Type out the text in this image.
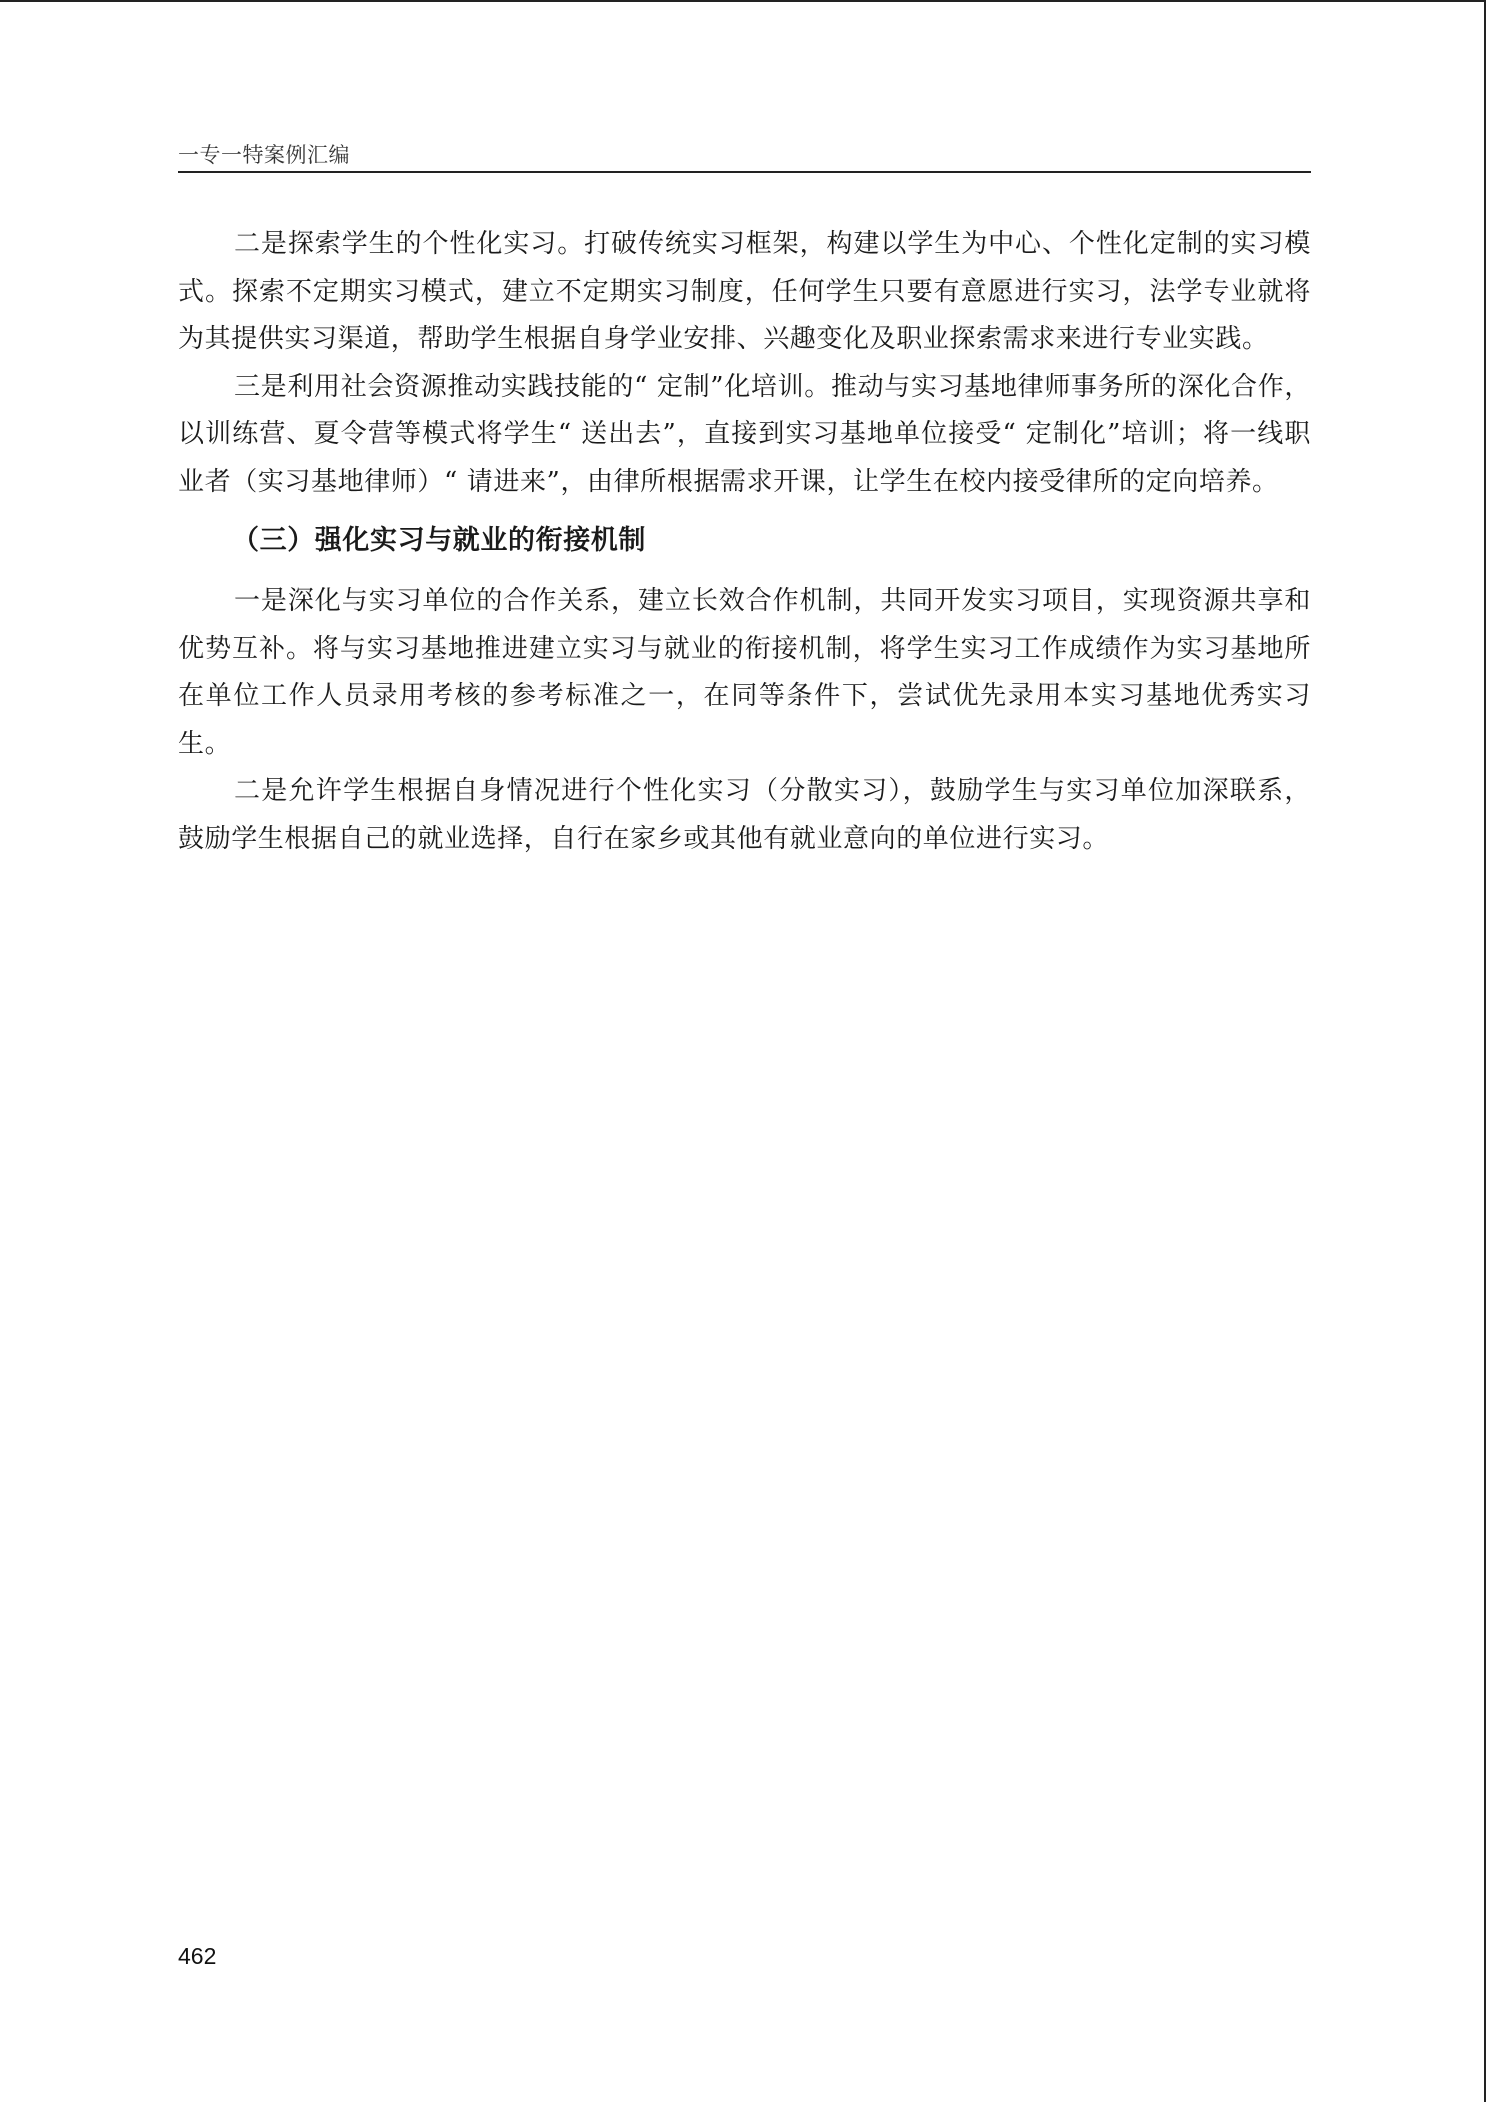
一专一特案例汇编

二是探索学生的个性化实习。打破传统实习框架，构建以学生为中心、个性化定制的实习模式。探索不定期实习模式，建立不定期实习制度，任何学生只要有意愿进行实习，法学专业就将为其提供实习渠道，帮助学生根据自身学业安排、兴趣变化及职业探索需求来进行专业实践。

三是利用社会资源推动实践技能的“ 定制”化培训。推动与实习基地律师事务所的深化合作，以训练营、夏令营等模式将学生“ 送出去”，直接到实习基地单位接受“ 定制化”培训；将一线职业者（实习基地律师）“ 请进来”，由律所根据需求开课，让学生在校内接受律所的定向培养。

（三）强化实习与就业的衔接机制

一是深化与实习单位的合作关系，建立长效合作机制，共同开发实习项目，实现资源共享和优势互补。将与实习基地推进建立实习与就业的衔接机制，将学生实习工作成绩作为实习基地所在单位工作人员录用考核的参考标准之一，在同等条件下，尝试优先录用本实习基地优秀实习生。

二是允许学生根据自身情况进行个性化实习（分散实习），鼓励学生与实习单位加深联系，鼓励学生根据自己的就业选择，自行在家乡或其他有就业意向的单位进行实习。

462
